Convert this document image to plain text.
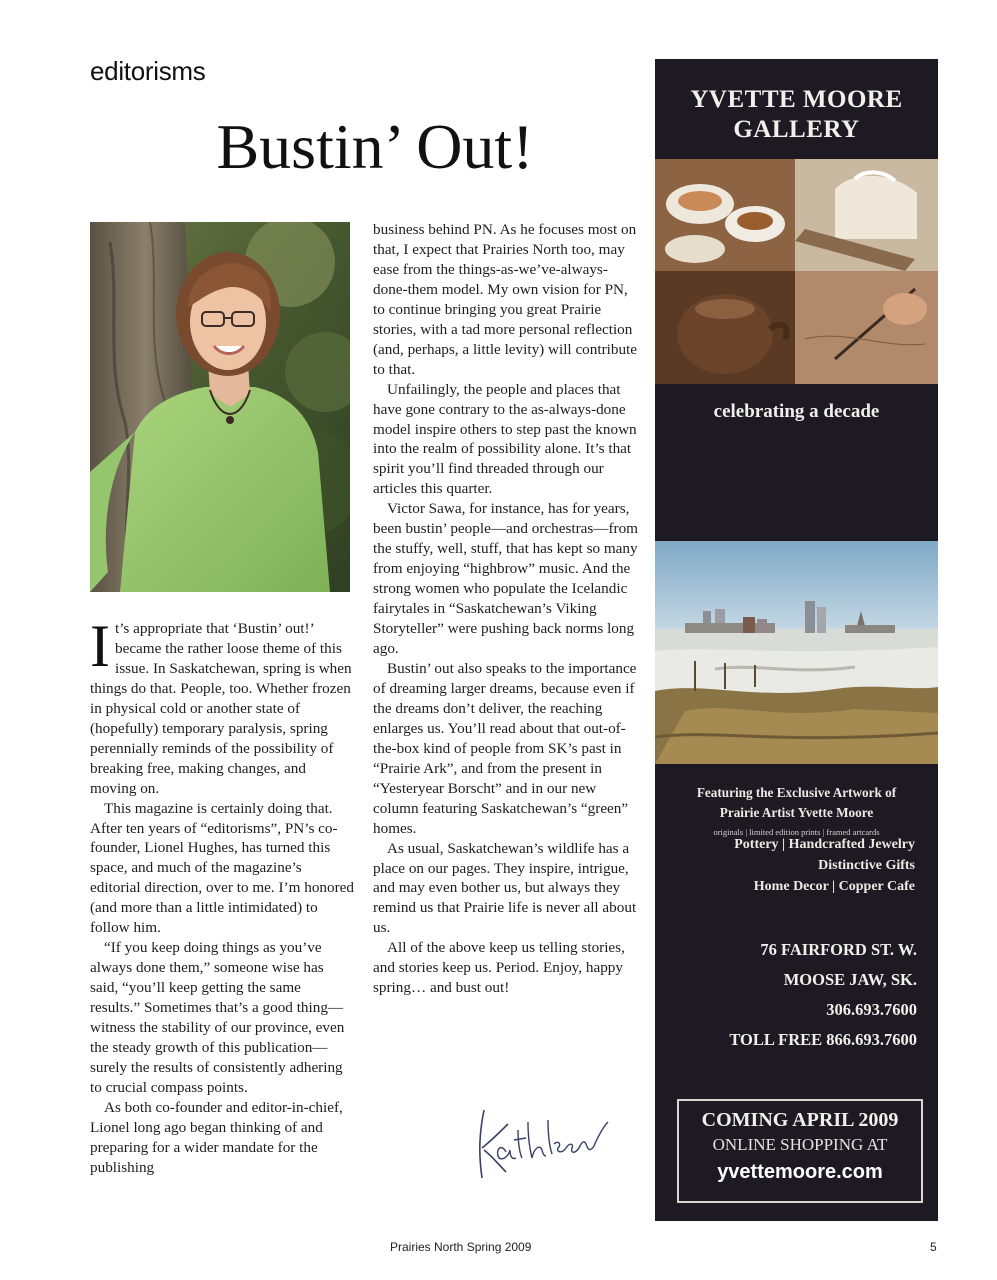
editorisms
Bustin’ Out!

It’s appropriate that ‘Bustin’ out!’ became the rather loose theme of this issue. In Saskatchewan, spring is when things do that. People, too. Whether frozen in physical cold or another state of (hopefully) temporary paralysis, spring perennially reminds of the possibility of breaking free, making changes, and moving on.

This magazine is certainly doing that. After ten years of “editorisms”, PN’s co-founder, Lionel Hughes, has turned this space, and much of the magazine’s editorial direction, over to me. I’m honored (and more than a little intimidated) to follow him.

“If you keep doing things as you’ve always done them,” someone wise has said, “you’ll keep getting the same results.” Sometimes that’s a good thing—witness the stability of our province, even the steady growth of this publication—surely the results of consistently adhering to crucial compass points.

As both co-founder and editor-in-chief, Lionel long ago began thinking of and preparing for a wider mandate for the publishing

business behind PN. As he focuses most on that, I expect that Prairies North too, may ease from the things-as-we’ve-always-done-them model. My own vision for PN, to continue bringing you great Prairie stories, with a tad more personal reflection (and, perhaps, a little levity) will contribute to that.

Unfailingly, the people and places that have gone contrary to the as-always-done model inspire others to step past the known into the realm of possibility alone. It’s that spirit you’ll find threaded through our articles this quarter.

Victor Sawa, for instance, has for years, been bustin’ people—and orchestras—from the stuffy, well, stuff, that has kept so many from enjoying “highbrow” music. And the strong women who populate the Icelandic fairytales in “Saskatchewan’s Viking Storyteller” were pushing back norms long ago.

Bustin’ out also speaks to the importance of dreaming larger dreams, because even if the dreams don’t deliver, the reaching enlarges us. You’ll read about that out-of-the-box kind of people from SK’s past in “Prairie Ark”, and from the present in “Yesteryear Borscht” and in our new column featuring Saskatchewan’s “green” homes.

As usual, Saskatchewan’s wildlife has a place on our pages. They inspire, intrigue, and may even bother us, but always they remind us that Prairie life is never all about us.

All of the above keep us telling stories, and stories keep us. Period. Enjoy, happy spring… and bust out!

YVETTE MOORE
GALLERY
celebrating a decade
Featuring the Exclusive Artwork of
Prairie Artist Yvette Moore
originals | limited edition prints | framed artcards
Pottery | Handcrafted Jewelry
Distinctive Gifts
Home Decor | Copper Cafe
76 FAIRFORD ST. W.
MOOSE JAW, SK.
306.693.7600
TOLL FREE 866.693.7600
COMING APRIL 2009
ONLINE SHOPPING AT
yvettemoore.com
Prairies North Spring 2009	5
